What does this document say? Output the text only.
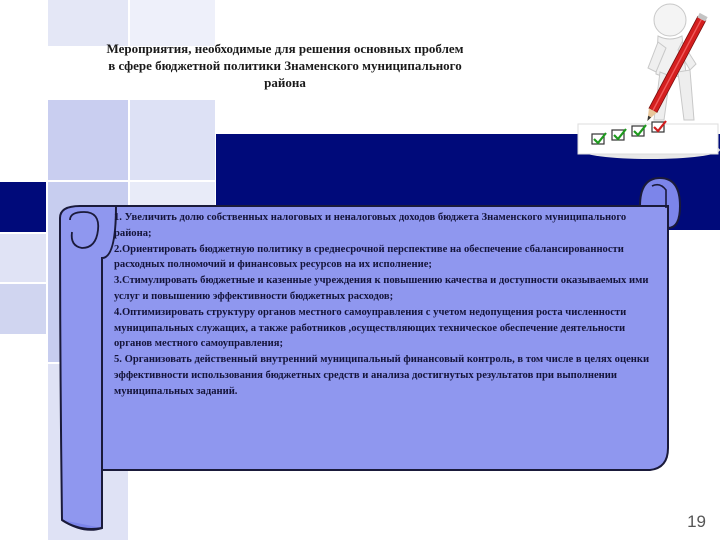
Мероприятия, необходимые для решения основных проблем
в сфере бюджетной политики Знаменского муниципального
района

1. Увеличить долю собственных налоговых и неналоговых доходов бюджета Знаменского муниципального района;

2.Ориентировать бюджетную политику в среднесрочной перспективе на обеспечение сбалансированности расходных полномочий и финансовых ресурсов на их исполнение;

3.Стимулировать бюджетные и казенные учреждения к повышению качества и доступности оказываемых ими услуг и повышению эффективности бюджетных расходов;

4.Оптимизировать структуру органов местного самоуправления с учетом недопущения роста численности муниципальных служащих, а также работников ,осуществляющих техническое обеспечение деятельности органов местного самоуправления;

5. Организовать действенный внутренний муниципальный финансовый контроль, в том числе в целях оценки эффективности использования бюджетных средств и анализа достигнутых результатов при выполнении муниципальных заданий.

19
